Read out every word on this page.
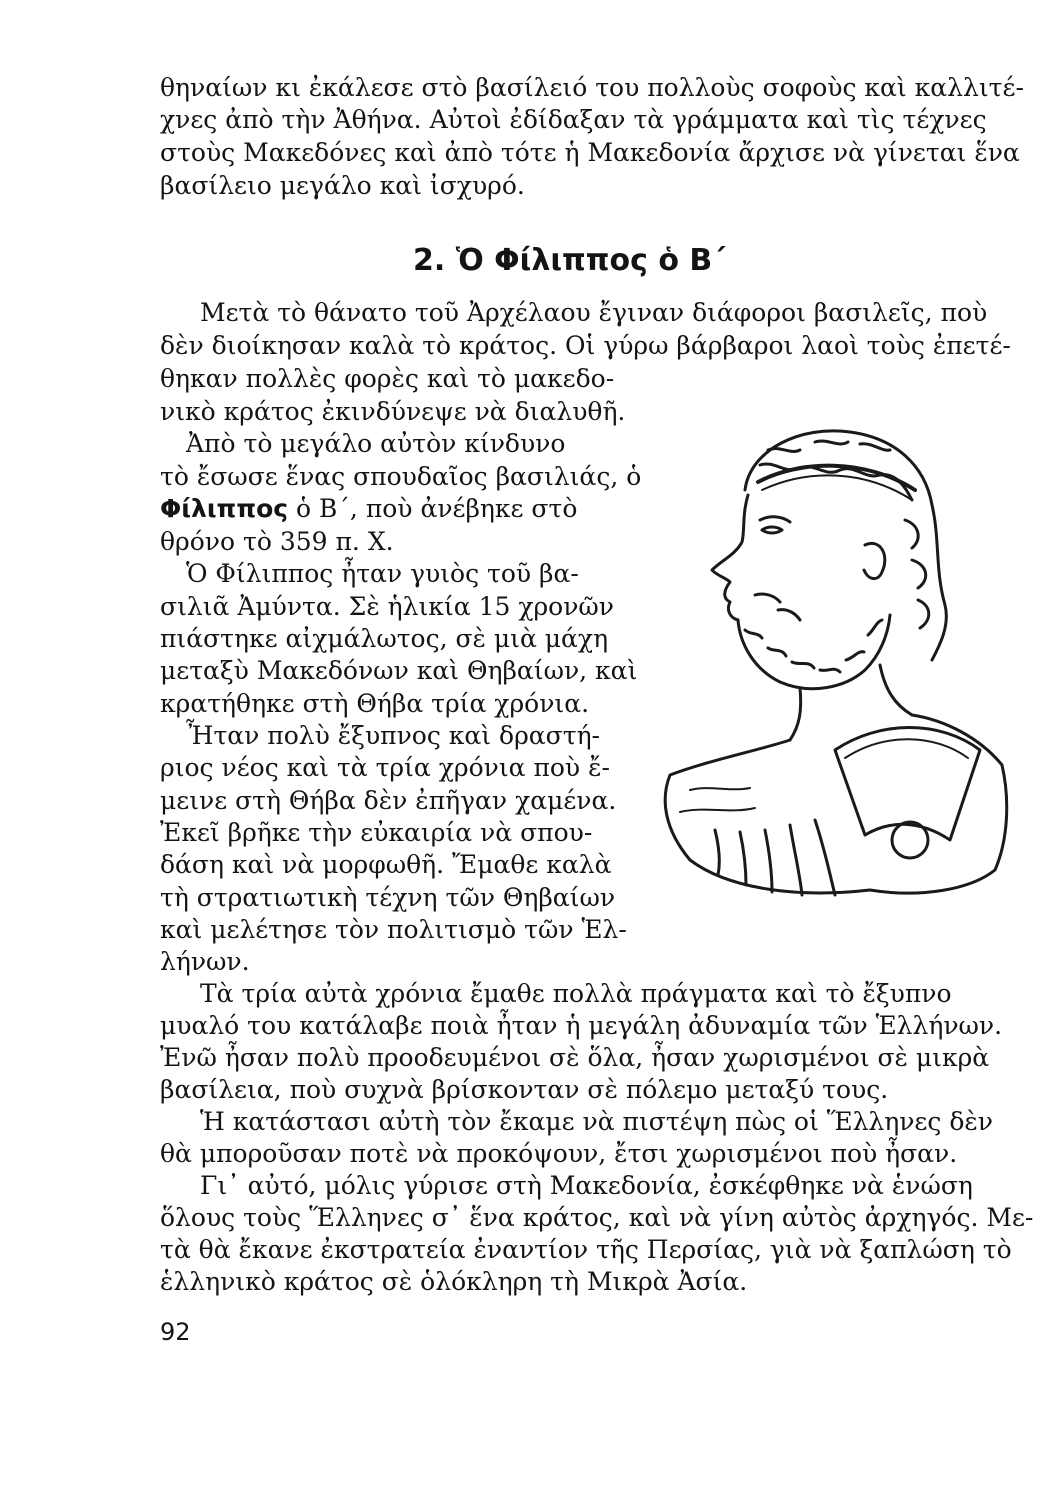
θηναίων κι ἐκάλεσε στὸ βασίλειό του πολλοὺς σοφοὺς καὶ καλλιτέ-

χνες ἀπὸ τὴν Ἀθήνα. Αὐτοὶ ἐδίδαξαν τὰ γράμματα καὶ τὶς τέχνες

στοὺς Μακεδόνες καὶ ἀπὸ τότε ἡ Μακεδονία ἄρχισε νὰ γίνεται ἕνα

βασίλειο μεγάλο καὶ ἰσχυρό.

2. Ὁ Φίλιππος ὁ Β΄

Μετὰ τὸ θάνατο τοῦ Ἀρχέλαου ἔγιναν διάφοροι βασιλεῖς, ποὺ

δὲν διοίκησαν καλὰ τὸ κράτος. Οἱ γύρω βάρβαροι λαοὶ τοὺς ἐπετέ-

θηκαν πολλὲς φορὲς καὶ τὸ μακεδο-

νικὸ κράτος ἐκινδύνεψε νὰ διαλυθῆ.

Ἀπὸ τὸ μεγάλο αὐτὸν κίνδυνο

τὸ ἔσωσε ἕνας σπουδαῖος βασιλιάς, ὁ

Φίλιππος ὁ Β΄, ποὺ ἀνέβηκε στὸ

θρόνο τὸ 359 π. Χ.

Ὁ Φίλιππος ἦταν γυιὸς τοῦ βα-

σιλιᾶ Ἀμύντα. Σὲ ἡλικία 15 χρονῶν

πιάστηκε αἰχμάλωτος, σὲ μιὰ μάχη

μεταξὺ Μακεδόνων καὶ Θηβαίων, καὶ

κρατήθηκε στὴ Θήβα τρία χρόνια.

Ἦταν πολὺ ἔξυπνος καὶ δραστή-

ριος νέος καὶ τὰ τρία χρόνια ποὺ ἔ-

μεινε στὴ Θήβα δὲν ἐπῆγαν χαμένα.

Ἐκεῖ βρῆκε τὴν εὐκαιρία νὰ σπου-

δάση καὶ νὰ μορφωθῆ. Ἔμαθε καλὰ

τὴ στρατιωτικὴ τέχνη τῶν Θηβαίων

καὶ μελέτησε τὸν πολιτισμὸ τῶν Ἑλ-

λήνων.

Τὰ τρία αὐτὰ χρόνια ἔμαθε πολλὰ πράγματα καὶ τὸ ἔξυπνο

μυαλό του κατάλαβε ποιὰ ἦταν ἡ μεγάλη ἀδυναμία τῶν Ἑλλήνων.

Ἐνῶ ἦσαν πολὺ προοδευμένοι σὲ ὅλα, ἦσαν χωρισμένοι σὲ μικρὰ

βασίλεια, ποὺ συχνὰ βρίσκονταν σὲ πόλεμο μεταξύ τους.

Ἡ κατάστασι αὐτὴ τὸν ἔκαμε νὰ πιστέψη πὼς οἱ Ἕλληνες δὲν

θὰ μποροῦσαν ποτὲ νὰ προκόψουν, ἔτσι χωρισμένοι ποὺ ἦσαν.

Γι᾽ αὐτό, μόλις γύρισε στὴ Μακεδονία, ἐσκέφθηκε νὰ ἑνώση

ὅλους τοὺς Ἕλληνες σ᾽ ἕνα κράτος, καὶ νὰ γίνη αὐτὸς ἀρχηγός. Με-

τὰ θὰ ἔκανε ἐκστρατεία ἐναντίον τῆς Περσίας, γιὰ νὰ ξαπλώση τὸ

ἑλληνικὸ κράτος σὲ ὁλόκληρη τὴ Μικρὰ Ἀσία.

92
